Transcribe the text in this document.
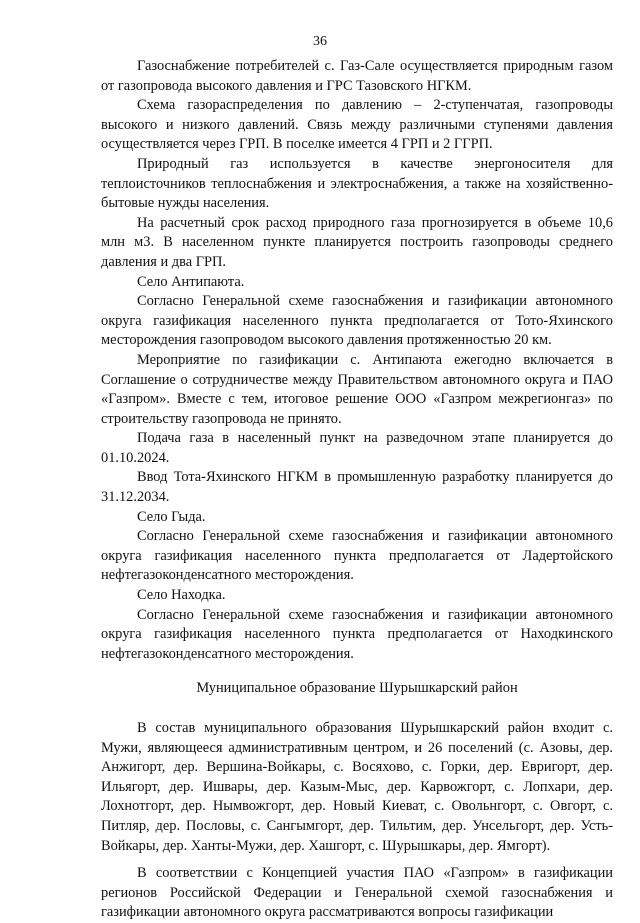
36

Газоснабжение потребителей с. Газ-Сале осуществляется природным газом от газопровода высокого давления и ГРС Тазовского НГКМ.

Схема газораспределения по давлению – 2-ступенчатая, газопроводы высокого и низкого давлений. Связь между различными ступенями давления осуществляется через ГРП. В поселке имеется 4 ГРП и 2 ГГРП.

Природный газ используется в качестве энергоносителя для теплоисточников теплоснабжения и электроснабжения, а также на хозяйственно-бытовые нужды населения.

На расчетный срок расход природного газа прогнозируется в объеме 10,6 млн м3. В населенном пункте планируется построить газопроводы среднего давления и два ГРП.

Село Антипаюта.

Согласно Генеральной схеме газоснабжения и газификации автономного округа газификация населенного пункта предполагается от Тото-Яхинского месторождения газопроводом высокого давления протяженностью 20 км.

Мероприятие по газификации с. Антипаюта ежегодно включается в Соглашение о сотрудничестве между Правительством автономного округа и ПАО «Газпром». Вместе с тем, итоговое решение ООО «Газпром межрегионгаз» по строительству газопровода не принято.

Подача газа в населенный пункт на разведочном этапе планируется до 01.10.2024.

Ввод Тота-Яхинского НГКМ в промышленную разработку планируется до 31.12.2034.

Село Гыда.

Согласно Генеральной схеме газоснабжения и газификации автономного округа газификация населенного пункта предполагается от Ладертойского нефтегазоконденсатного месторождения.

Село Находка.

Согласно Генеральной схеме газоснабжения и газификации автономного округа газификация населенного пункта предполагается от Находкинского нефтегазоконденсатного месторождения.

Муниципальное образование Шурышкарский район

В состав муниципального образования Шурышкарский район входит с. Мужи, являющееся административным центром, и 26 поселений (с. Азовы, дер. Анжигорт, дер. Вершина-Войкары, с. Восяхово, с. Горки, дер. Евригорт, дер. Ильягорт, дер. Ишвары, дер. Казым-Мыс, дер. Карвожгорт, с. Лопхари, дер. Лохнотгорт, дер. Нымвожгорт, дер. Новый Киеват, с. Овольнгорт, с. Овгорт, с. Питляр, дер. Пословы, с. Сангымгорт, дер. Тильтим, дер. Унсельгорт, дер. Усть-Войкары, дер. Ханты-Мужи, дер. Хашгорт, с. Шурышкары, дер. Ямгорт).

В соответствии с Концепцией участия ПАО «Газпром» в газификации регионов Российской Федерации и Генеральной схемой газоснабжения и газификации автономного округа рассматриваются вопросы газификации
